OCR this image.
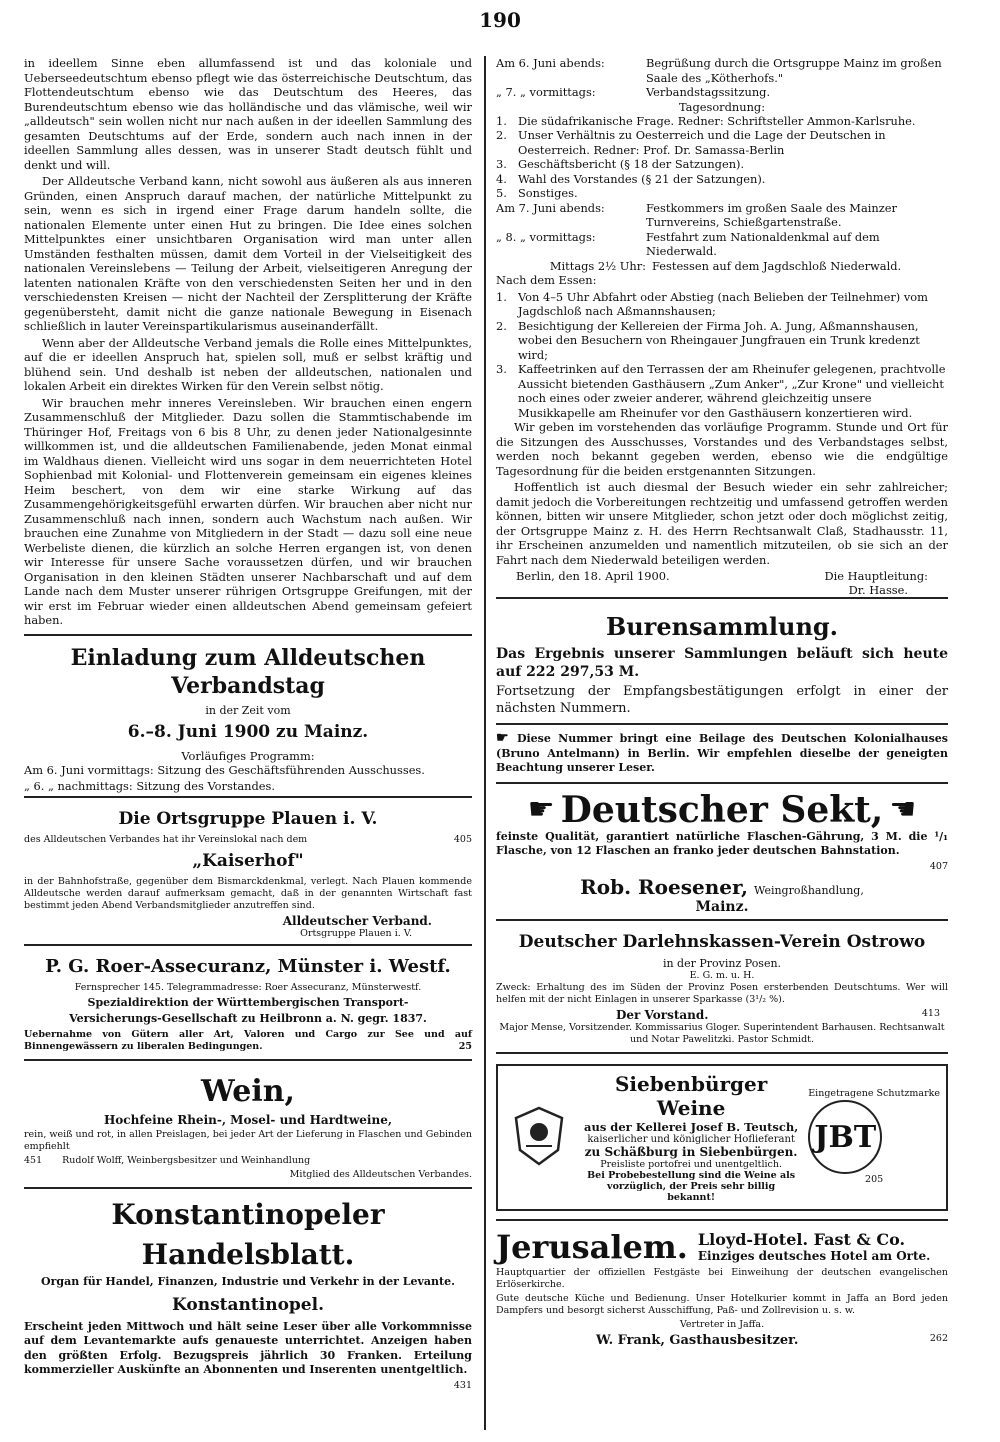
190

in ideellem Sinne eben allumfassend ist und das koloniale und Ueberseedeutschtum ebenso pflegt wie das österreichische Deutschtum, das Flottendeutschtum ebenso wie das Deutschtum des Heeres, das Burendeutschtum ebenso wie das holländische und das vlämische, weil wir „alldeutsch" sein wollen nicht nur nach außen in der ideellen Sammlung des gesamten Deutschtums auf der Erde, sondern auch nach innen in der ideellen Sammlung alles dessen, was in unserer Stadt deutsch fühlt und denkt und will.

Der Alldeutsche Verband kann, nicht sowohl aus äußeren als aus inneren Gründen, einen Anspruch darauf machen, der natürliche Mittelpunkt zu sein, wenn es sich in irgend einer Frage darum handeln sollte, die nationalen Elemente unter einen Hut zu bringen. Die Idee eines solchen Mittelpunktes einer unsichtbaren Organisation wird man unter allen Umständen festhalten müssen, damit dem Vorteil in der Vielseitigkeit des nationalen Vereinslebens — Teilung der Arbeit, vielseitigeren Anregung der latenten nationalen Kräfte von den verschiedensten Seiten her und in den verschiedensten Kreisen — nicht der Nachteil der Zersplitterung der Kräfte gegenübersteht, damit nicht die ganze nationale Bewegung in Eisenach schließlich in lauter Vereinspartikularismus auseinanderfällt.

Wenn aber der Alldeutsche Verband jemals die Rolle eines Mittelpunktes, auf die er ideellen Anspruch hat, spielen soll, muß er selbst kräftig und blühend sein. Und deshalb ist neben der alldeutschen, nationalen und lokalen Arbeit ein direktes Wirken für den Verein selbst nötig.

Wir brauchen mehr inneres Vereinsleben. Wir brauchen einen engern Zusammenschluß der Mitglieder. Dazu sollen die Stammtischabende im Thüringer Hof, Freitags von 6 bis 8 Uhr, zu denen jeder Nationalgesinnte willkommen ist, und die alldeutschen Familienabende, jeden Monat einmal im Waldhaus dienen. Vielleicht wird uns sogar in dem neuerrichteten Hotel Sophienbad mit Kolonial- und Flottenverein gemeinsam ein eigenes kleines Heim beschert, von dem wir eine starke Wirkung auf das Zusammengehörigkeitsgefühl erwarten dürfen. Wir brauchen aber nicht nur Zusammenschluß nach innen, sondern auch Wachstum nach außen. Wir brauchen eine Zunahme von Mitgliedern in der Stadt — dazu soll eine neue Werbeliste dienen, die kürzlich an solche Herren ergangen ist, von denen wir Interesse für unsere Sache voraussetzen dürfen, und wir brauchen Organisation in den kleinen Städten unserer Nachbarschaft und auf dem Lande nach dem Muster unserer rührigen Ortsgruppe Greifungen, mit der wir erst im Februar wieder einen alldeutschen Abend gemeinsam gefeiert haben.

Einladung zum Alldeutschen Verbandstag
in der Zeit vom
6.–8. Juni 1900 zu Mainz.
Vorläufiges Programm:

Am 6. Juni vormittags: Sitzung des Geschäftsführenden Ausschusses.

„ 6. „ nachmittags: Sitzung des Vorstandes.

Die Ortsgruppe Plauen i. V.

des Alldeutschen Verbandes hat ihr Vereinslokal nach dem	405

„Kaiserhof"

in der Bahnhofstraße, gegenüber dem Bismarckdenkmal, verlegt. Nach Plauen kommende Alldeutsche werden darauf aufmerksam gemacht, daß in der genannten Wirtschaft fast bestimmt jeden Abend Verbandsmitglieder anzutreffen sind.

Alldeutscher Verband.
Ortsgruppe Plauen i. V.
P. G. Roer-Assecuranz, Münster i. Westf.

Fernsprecher 145. Telegrammadresse: Roer Assecuranz, Münsterwestf.

Spezialdirektion der Württembergischen Transport-

Versicherungs-Gesellschaft zu Heilbronn a. N. gegr. 1837.

Uebernahme von Gütern aller Art, Valoren und Cargo zur See und auf Binnengewässern zu liberalen Bedingungen.	25

Wein,

Hochfeine Rhein-, Mosel- und Hardtweine,

rein, weiß und rot, in allen Preislagen, bei jeder Art der Lieferung in Flaschen und Gebinden empfiehlt

451 Rudolf Wolff, Weinbergsbesitzer und Weinhandlung

Mitglied des Alldeutschen Verbandes.

Konstantinopeler Handelsblatt.

Organ für Handel, Finanzen, Industrie und Verkehr in der Levante.

Konstantinopel.

Erscheint jeden Mittwoch und hält seine Leser über alle Vorkommnisse auf dem Levantemarkte aufs genaueste unterrichtet. Anzeigen haben den größten Erfolg. Bezugspreis jährlich 30 Franken. Erteilung kommerzieller Auskünfte an Abonnenten und Inserenten unentgeltlich.

431

Am 6. Juni abends:	Begrüßung durch die Ortsgruppe Mainz im großen Saale des „Kötherhofs."
„ 7. „ vormittags:	Verbandstagssitzung.
Tagesordnung:
1. Die südafrikanische Frage. Redner: Schriftsteller Ammon-Karlsruhe.
2. Unser Verhältnis zu Oesterreich und die Lage der Deutschen in Oesterreich. Redner: Prof. Dr. Samassa-Berlin
3. Geschäftsbericht (§ 18 der Satzungen).
4. Wahl des Vorstandes (§ 21 der Satzungen).
5. Sonstiges.
Am 7. Juni abends:	Festkommers im großen Saale des Mainzer Turnvereins, Schießgartenstraße.
„ 8. „ vormittags:	Festfahrt zum Nationaldenkmal auf dem Niederwald.
Mittags 2½ Uhr: Festessen auf dem Jagdschloß Niederwald.

Nach dem Essen:

1. Von 4–5 Uhr Abfahrt oder Abstieg (nach Belieben der Teilnehmer) vom Jagdschloß nach Aßmannshausen;
2. Besichtigung der Kellereien der Firma Joh. A. Jung, Aßmannshausen, wobei den Besuchern von Rheingauer Jungfrauen ein Trunk kredenzt wird;
3. Kaffeetrinken auf den Terrassen der am Rheinufer gelegenen, prachtvolle Aussicht bietenden Gasthäusern „Zum Anker", „Zur Krone" und vielleicht noch eines oder zweier anderer, während gleichzeitig unsere Musikkapelle am Rheinufer vor den Gasthäusern konzertieren wird.

Wir geben im vorstehenden das vorläufige Programm. Stunde und Ort für die Sitzungen des Ausschusses, Vorstandes und des Verbandstages selbst, werden noch bekannt gegeben werden, ebenso wie die endgültige Tagesordnung für die beiden erstgenannten Sitzungen.

Hoffentlich ist auch diesmal der Besuch wieder ein sehr zahlreicher; damit jedoch die Vorbereitungen rechtzeitig und umfassend getroffen werden können, bitten wir unsere Mitglieder, schon jetzt oder doch möglichst zeitig, der Ortsgruppe Mainz z. H. des Herrn Rechtsanwalt Claß, Stadhausstr. 11, ihr Erscheinen anzumelden und namentlich mitzuteilen, ob sie sich an der Fahrt nach dem Niederwald beteiligen werden.

Berlin, den 18. April 1900.	Die Hauptleitung:
Dr. Hasse.
Burensammlung.

Das Ergebnis unserer Sammlungen beläuft sich heute auf 222 297,53 M.

Fortsetzung der Empfangsbestätigungen erfolgt in einer der nächsten Nummern.

☛ Diese Nummer bringt eine Beilage des Deutschen Kolonialhauses (Bruno Antelmann) in Berlin. Wir empfehlen dieselbe der geneigten Beachtung unserer Leser.

☛ Deutscher Sekt, ☚

feinste Qualität, garantiert natürliche Flaschen-Gährung, 3 M. die ¹/₁ Flasche, von 12 Flaschen an franko jeder deutschen Bahnstation.

407

Rob. Roesener, Weingroßhandlung,
Mainz.
Deutscher Darlehnskassen-Verein Ostrowo
in der Provinz Posen.
E. G. m. u. H.

Zweck: Erhaltung des im Süden der Provinz Posen ersterbenden Deutschtums. Wer will helfen mit der nicht Einlagen in unserer Sparkasse (3¹/₂ %).

Der Vorstand.	413

Major Mense, Vorsitzender. Kommissarius Gloger. Superintendent Barhausen. Rechtsanwalt und Notar Pawelitzki. Pastor Schmidt.

Siebenbürger Weine
aus der Kellerei Josef B. Teutsch,
kaiserlicher und königlicher Hoflieferant
zu Schäßburg in Siebenbürgen.
Preisliste portofrei und unentgeltlich.
Bei Probebestellung sind die Weine als vorzüglich, der Preis sehr billig bekannt!
Eingetragene Schutzmarke
JBT
205
Jerusalem. Lloyd-Hotel. Fast & Co.
Einziges deutsches Hotel am Orte.

Hauptquartier der offiziellen Festgäste bei Einweihung der deutschen evangelischen Erlöserkirche.

Gute deutsche Küche und Bedienung. Unser Hotelkurier kommt in Jaffa an Bord jeden Dampfers und besorgt sicherst Ausschiffung, Paß- und Zollrevision u. s. w.

Vertreter in Jaffa.

W. Frank, Gasthausbesitzer.	262
